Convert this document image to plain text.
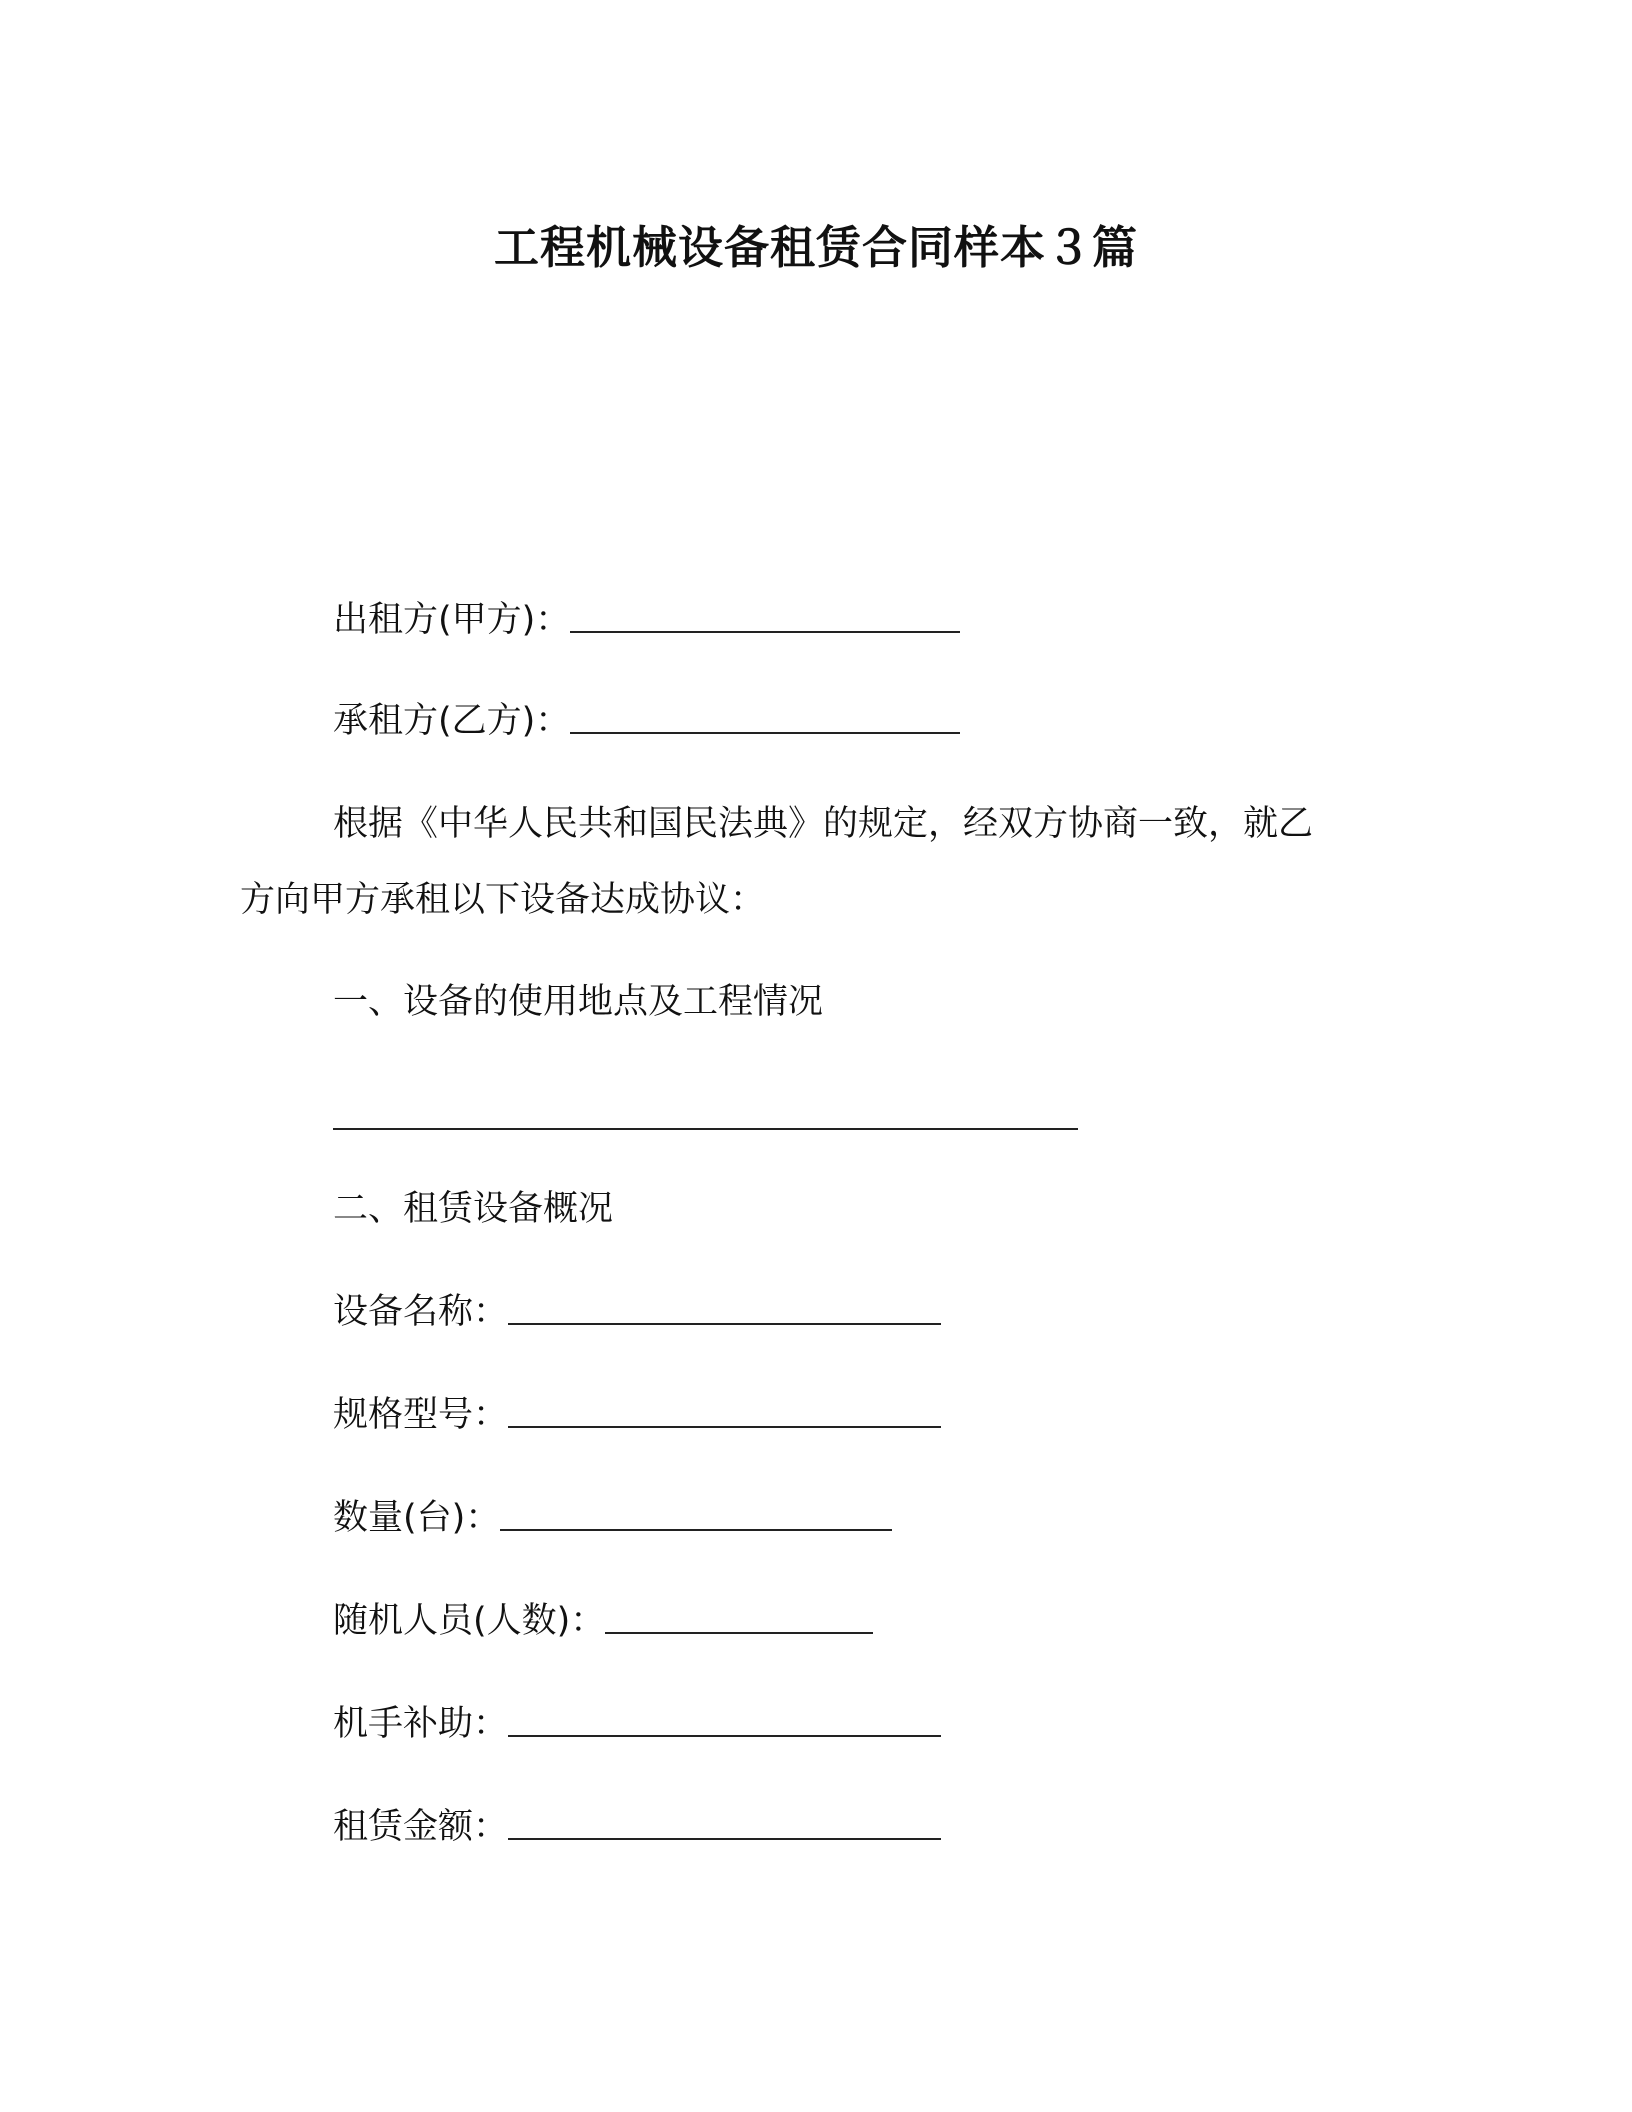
工程机械设备租赁合同样本３篇
出租方(甲方)：
承租方(乙方)：
根据《中华人民共和国民法典》的规定，经双方协商一致，就乙
方向甲方承租以下设备达成协议：
一、设备的使用地点及工程情况
二、租赁设备概况
设备名称：
规格型号：
数量(台)：
随机人员(人数)：
机手补助：
租赁金额：
